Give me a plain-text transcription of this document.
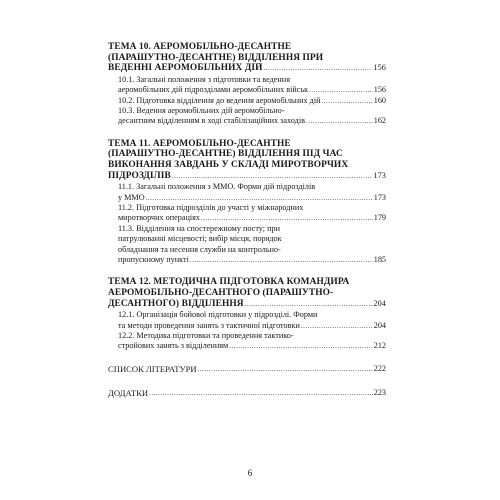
ТЕМА 10. АЕРОМОБІЛЬНО-ДЕСАНТНЕ
(ПАРАШУТНО-ДЕСАНТНЕ) ВІДДІЛЕННЯ ПРИ
ВЕДЕННІ АЕРОМОБІЛЬНИХ ДІЙ .....	156
10.1. Загальні положення з підготовки та ведення
аеромобільних дій підрозділами аеромобільних військ .....	156
10.2. Підготовка відділення до ведення аеромобільних дій .....	160
10.3. Ведення аеромобільних дій аеромобільно-
десантним відділенням в ході стабілізаційних заходів .....	162
ТЕМА 11. АЕРОМОБІЛЬНО-ДЕСАНТНЕ
(ПАРАШУТНО-ДЕСАНТНЕ) ВІДДІЛЕННЯ ПІД ЧАС
ВИКОНАННЯ ЗАВДАНЬ У СКЛАДІ МИРОТВОРЧИХ
ПІДРОЗДІЛІВ .....	173
11.1. Загальні положення з ММО. Форми дій підрозділів
у ММО .....	173
11.2. Підготовка підрозділів до участі у міжнародних
миротворчих операціях .....	179
11.3. Відділення на спостережному посту; при
патрулюванні місцевості; вибір місця, порядок
обладнання та несення служби на контрольно-
пропускному пункті .....	185
ТЕМА 12. МЕТОДИЧНА ПІДГОТОВКА КОМАНДИРА
АЕРОМОБІЛЬНО-ДЕСАНТНОГО (ПАРАШУТНО-
ДЕСАНТНОГО) ВІДДІЛЕННЯ .....	204
12.1. Організація бойової підготовки у підрозділі. Форми
та методи проведення занять з тактичної підготовки .....	204
12.2. Методика підготовки та проведення тактико-
стройових занять з відділенням .....	212
СПИСОК ЛІТЕРАТУРИ .....	222
ДОДАТКИ .....	223
6
